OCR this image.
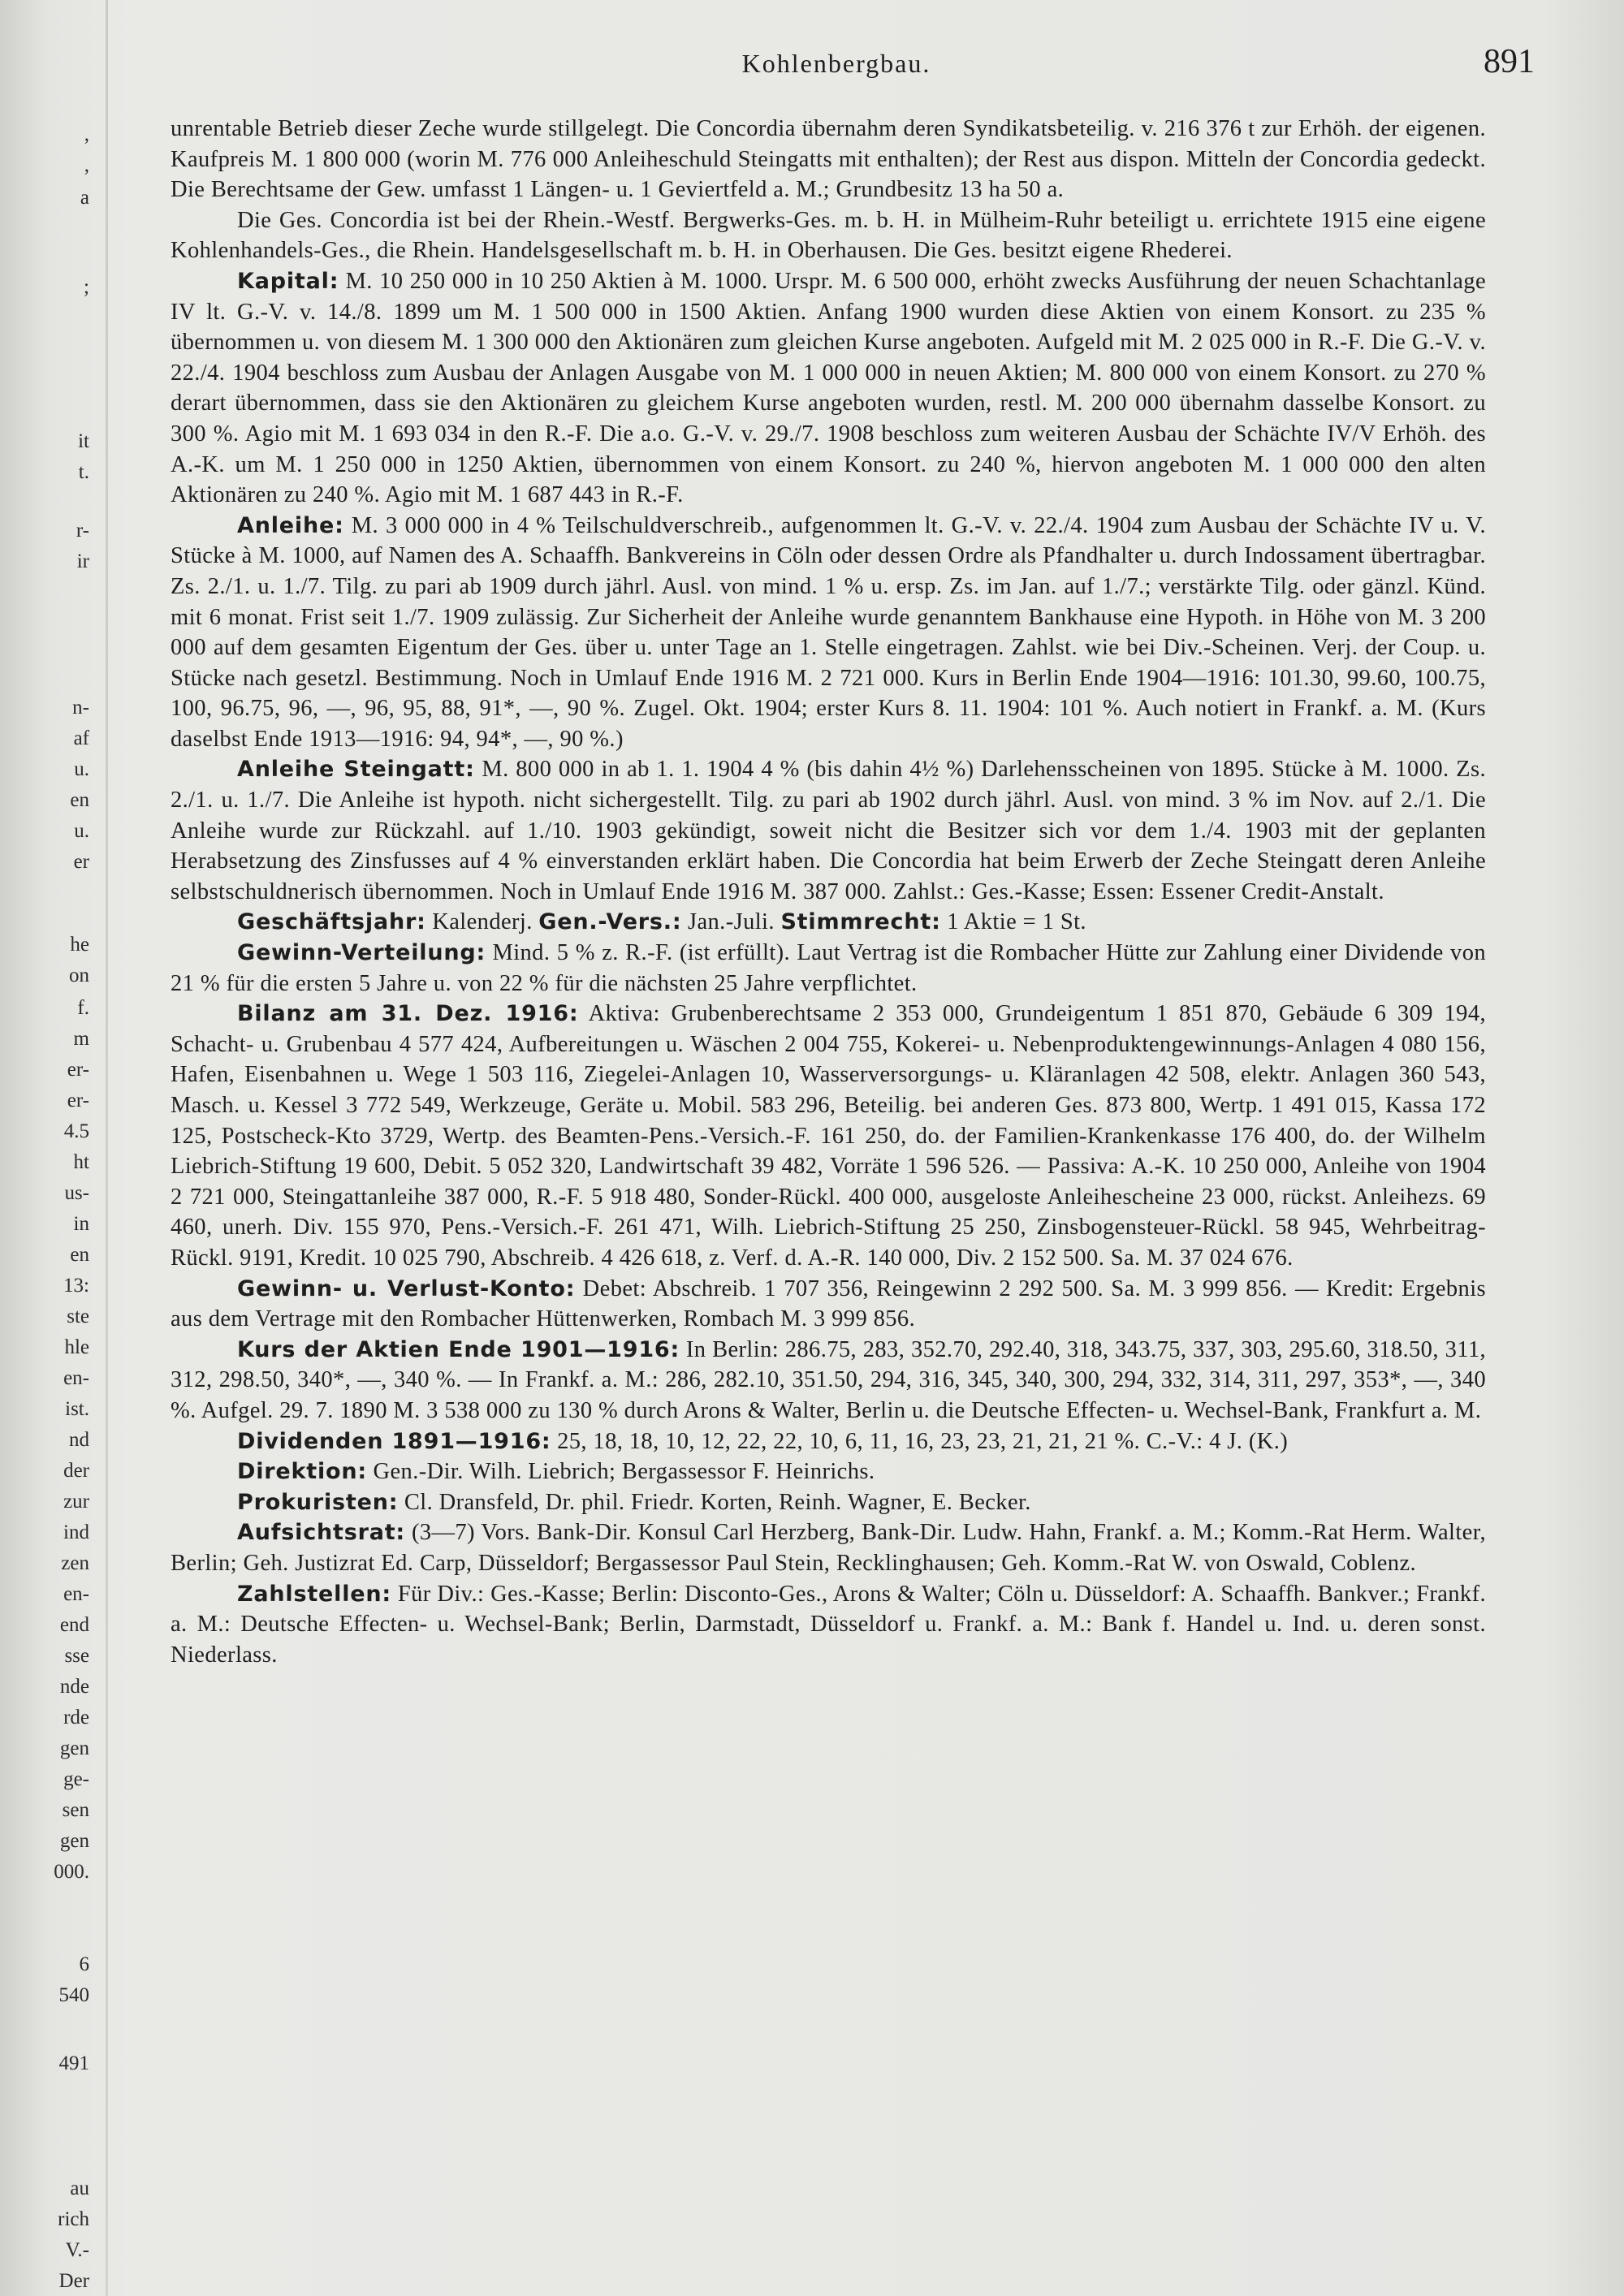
,
,
a
;
it
t.
r-
ir
n-
af
u.
en
u.
er
he
on
f.
m
er-
er-
4.5
ht
us-
in
en
13:
ste
hle
en-
ist.
nd
der
zur
ind
zen
en-
end
sse
nde
rde
gen
ge-
sen
gen
000.
6
540
491
au
rich
V.-
Der
Kohlenbergbau.	891

unrentable Betrieb dieser Zeche wurde stillgelegt. Die Concordia übernahm deren Syndikatsbeteilig. v. 216 376 t zur Erhöh. der eigenen. Kaufpreis M. 1 800 000 (worin M. 776 000 Anleiheschuld Steingatts mit enthalten); der Rest aus dispon. Mitteln der Concordia gedeckt. Die Berechtsame der Gew. umfasst 1 Längen- u. 1 Geviertfeld a. M.; Grundbesitz 13 ha 50 a.

Die Ges. Concordia ist bei der Rhein.-Westf. Bergwerks-Ges. m. b. H. in Mülheim-Ruhr beteiligt u. errichtete 1915 eine eigene Kohlenhandels-Ges., die Rhein. Handelsgesellschaft m. b. H. in Oberhausen. Die Ges. besitzt eigene Rhederei.

Kapital: M. 10 250 000 in 10 250 Aktien à M. 1000. Urspr. M. 6 500 000, erhöht zwecks Ausführung der neuen Schachtanlage IV lt. G.-V. v. 14./8. 1899 um M. 1 500 000 in 1500 Aktien. Anfang 1900 wurden diese Aktien von einem Konsort. zu 235 % übernommen u. von diesem M. 1 300 000 den Aktionären zum gleichen Kurse angeboten. Aufgeld mit M. 2 025 000 in R.-F. Die G.-V. v. 22./4. 1904 beschloss zum Ausbau der Anlagen Ausgabe von M. 1 000 000 in neuen Aktien; M. 800 000 von einem Konsort. zu 270 % derart übernommen, dass sie den Aktionären zu gleichem Kurse angeboten wurden, restl. M. 200 000 übernahm dasselbe Konsort. zu 300 %. Agio mit M. 1 693 034 in den R.-F. Die a.o. G.-V. v. 29./7. 1908 beschloss zum weiteren Ausbau der Schächte IV/V Erhöh. des A.-K. um M. 1 250 000 in 1250 Aktien, übernommen von einem Konsort. zu 240 %, hiervon angeboten M. 1 000 000 den alten Aktionären zu 240 %. Agio mit M. 1 687 443 in R.-F.

Anleihe: M. 3 000 000 in 4 % Teilschuldverschreib., aufgenommen lt. G.-V. v. 22./4. 1904 zum Ausbau der Schächte IV u. V. Stücke à M. 1000, auf Namen des A. Schaaffh. Bankvereins in Cöln oder dessen Ordre als Pfandhalter u. durch Indossament übertragbar. Zs. 2./1. u. 1./7. Tilg. zu pari ab 1909 durch jährl. Ausl. von mind. 1 % u. ersp. Zs. im Jan. auf 1./7.; verstärkte Tilg. oder gänzl. Künd. mit 6 monat. Frist seit 1./7. 1909 zulässig. Zur Sicherheit der Anleihe wurde genanntem Bankhause eine Hypoth. in Höhe von M. 3 200 000 auf dem gesamten Eigentum der Ges. über u. unter Tage an 1. Stelle eingetragen. Zahlst. wie bei Div.-Scheinen. Verj. der Coup. u. Stücke nach gesetzl. Bestimmung. Noch in Umlauf Ende 1916 M. 2 721 000. Kurs in Berlin Ende 1904—1916: 101.30, 99.60, 100.75, 100, 96.75, 96, —, 96, 95, 88, 91*, —, 90 %. Zugel. Okt. 1904; erster Kurs 8. 11. 1904: 101 %. Auch notiert in Frankf. a. M. (Kurs daselbst Ende 1913—1916: 94, 94*, —, 90 %.)

Anleihe Steingatt: M. 800 000 in ab 1. 1. 1904 4 % (bis dahin 4½ %) Darlehensscheinen von 1895. Stücke à M. 1000. Zs. 2./1. u. 1./7. Die Anleihe ist hypoth. nicht sichergestellt. Tilg. zu pari ab 1902 durch jährl. Ausl. von mind. 3 % im Nov. auf 2./1. Die Anleihe wurde zur Rückzahl. auf 1./10. 1903 gekündigt, soweit nicht die Besitzer sich vor dem 1./4. 1903 mit der geplanten Herabsetzung des Zinsfusses auf 4 % einverstanden erklärt haben. Die Concordia hat beim Erwerb der Zeche Steingatt deren Anleihe selbstschuldnerisch übernommen. Noch in Umlauf Ende 1916 M. 387 000. Zahlst.: Ges.-Kasse; Essen: Essener Credit-Anstalt.

Geschäftsjahr: Kalenderj. Gen.-Vers.: Jan.-Juli. Stimmrecht: 1 Aktie = 1 St.

Gewinn-Verteilung: Mind. 5 % z. R.-F. (ist erfüllt). Laut Vertrag ist die Rombacher Hütte zur Zahlung einer Dividende von 21 % für die ersten 5 Jahre u. von 22 % für die nächsten 25 Jahre verpflichtet.

Bilanz am 31. Dez. 1916: Aktiva: Grubenberechtsame 2 353 000, Grundeigentum 1 851 870, Gebäude 6 309 194, Schacht- u. Grubenbau 4 577 424, Aufbereitungen u. Wäschen 2 004 755, Kokerei- u. Nebenproduktengewinnungs-Anlagen 4 080 156, Hafen, Eisenbahnen u. Wege 1 503 116, Ziegelei-Anlagen 10, Wasserversorgungs- u. Kläranlagen 42 508, elektr. Anlagen 360 543, Masch. u. Kessel 3 772 549, Werkzeuge, Geräte u. Mobil. 583 296, Beteilig. bei anderen Ges. 873 800, Wertp. 1 491 015, Kassa 172 125, Postscheck-Kto 3729, Wertp. des Beamten-Pens.-Versich.-F. 161 250, do. der Familien-Krankenkasse 176 400, do. der Wilhelm Liebrich-Stiftung 19 600, Debit. 5 052 320, Landwirtschaft 39 482, Vorräte 1 596 526. — Passiva: A.-K. 10 250 000, Anleihe von 1904 2 721 000, Steingattanleihe 387 000, R.-F. 5 918 480, Sonder-Rückl. 400 000, ausgeloste Anleihescheine 23 000, rückst. Anleihezs. 69 460, unerh. Div. 155 970, Pens.-Versich.-F. 261 471, Wilh. Liebrich-Stiftung 25 250, Zinsbogensteuer-Rückl. 58 945, Wehrbeitrag-Rückl. 9191, Kredit. 10 025 790, Abschreib. 4 426 618, z. Verf. d. A.-R. 140 000, Div. 2 152 500. Sa. M. 37 024 676.

Gewinn- u. Verlust-Konto: Debet: Abschreib. 1 707 356, Reingewinn 2 292 500. Sa. M. 3 999 856. — Kredit: Ergebnis aus dem Vertrage mit den Rombacher Hüttenwerken, Rombach M. 3 999 856.

Kurs der Aktien Ende 1901—1916: In Berlin: 286.75, 283, 352.70, 292.40, 318, 343.75, 337, 303, 295.60, 318.50, 311, 312, 298.50, 340*, —, 340 %. — In Frankf. a. M.: 286, 282.10, 351.50, 294, 316, 345, 340, 300, 294, 332, 314, 311, 297, 353*, —, 340 %. Aufgel. 29. 7. 1890 M. 3 538 000 zu 130 % durch Arons & Walter, Berlin u. die Deutsche Effecten- u. Wechsel-Bank, Frankfurt a. M.

Dividenden 1891—1916: 25, 18, 18, 10, 12, 22, 22, 10, 6, 11, 16, 23, 23, 21, 21, 21 %. C.-V.: 4 J. (K.)

Direktion: Gen.-Dir. Wilh. Liebrich; Bergassessor F. Heinrichs.

Prokuristen: Cl. Dransfeld, Dr. phil. Friedr. Korten, Reinh. Wagner, E. Becker.

Aufsichtsrat: (3—7) Vors. Bank-Dir. Konsul Carl Herzberg, Bank-Dir. Ludw. Hahn, Frankf. a. M.; Komm.-Rat Herm. Walter, Berlin; Geh. Justizrat Ed. Carp, Düsseldorf; Bergassessor Paul Stein, Recklinghausen; Geh. Komm.-Rat W. von Oswald, Coblenz.

Zahlstellen: Für Div.: Ges.-Kasse; Berlin: Disconto-Ges., Arons & Walter; Cöln u. Düsseldorf: A. Schaaffh. Bankver.; Frankf. a. M.: Deutsche Effecten- u. Wechsel-Bank; Berlin, Darmstadt, Düsseldorf u. Frankf. a. M.: Bank f. Handel u. Ind. u. deren sonst. Niederlass.
